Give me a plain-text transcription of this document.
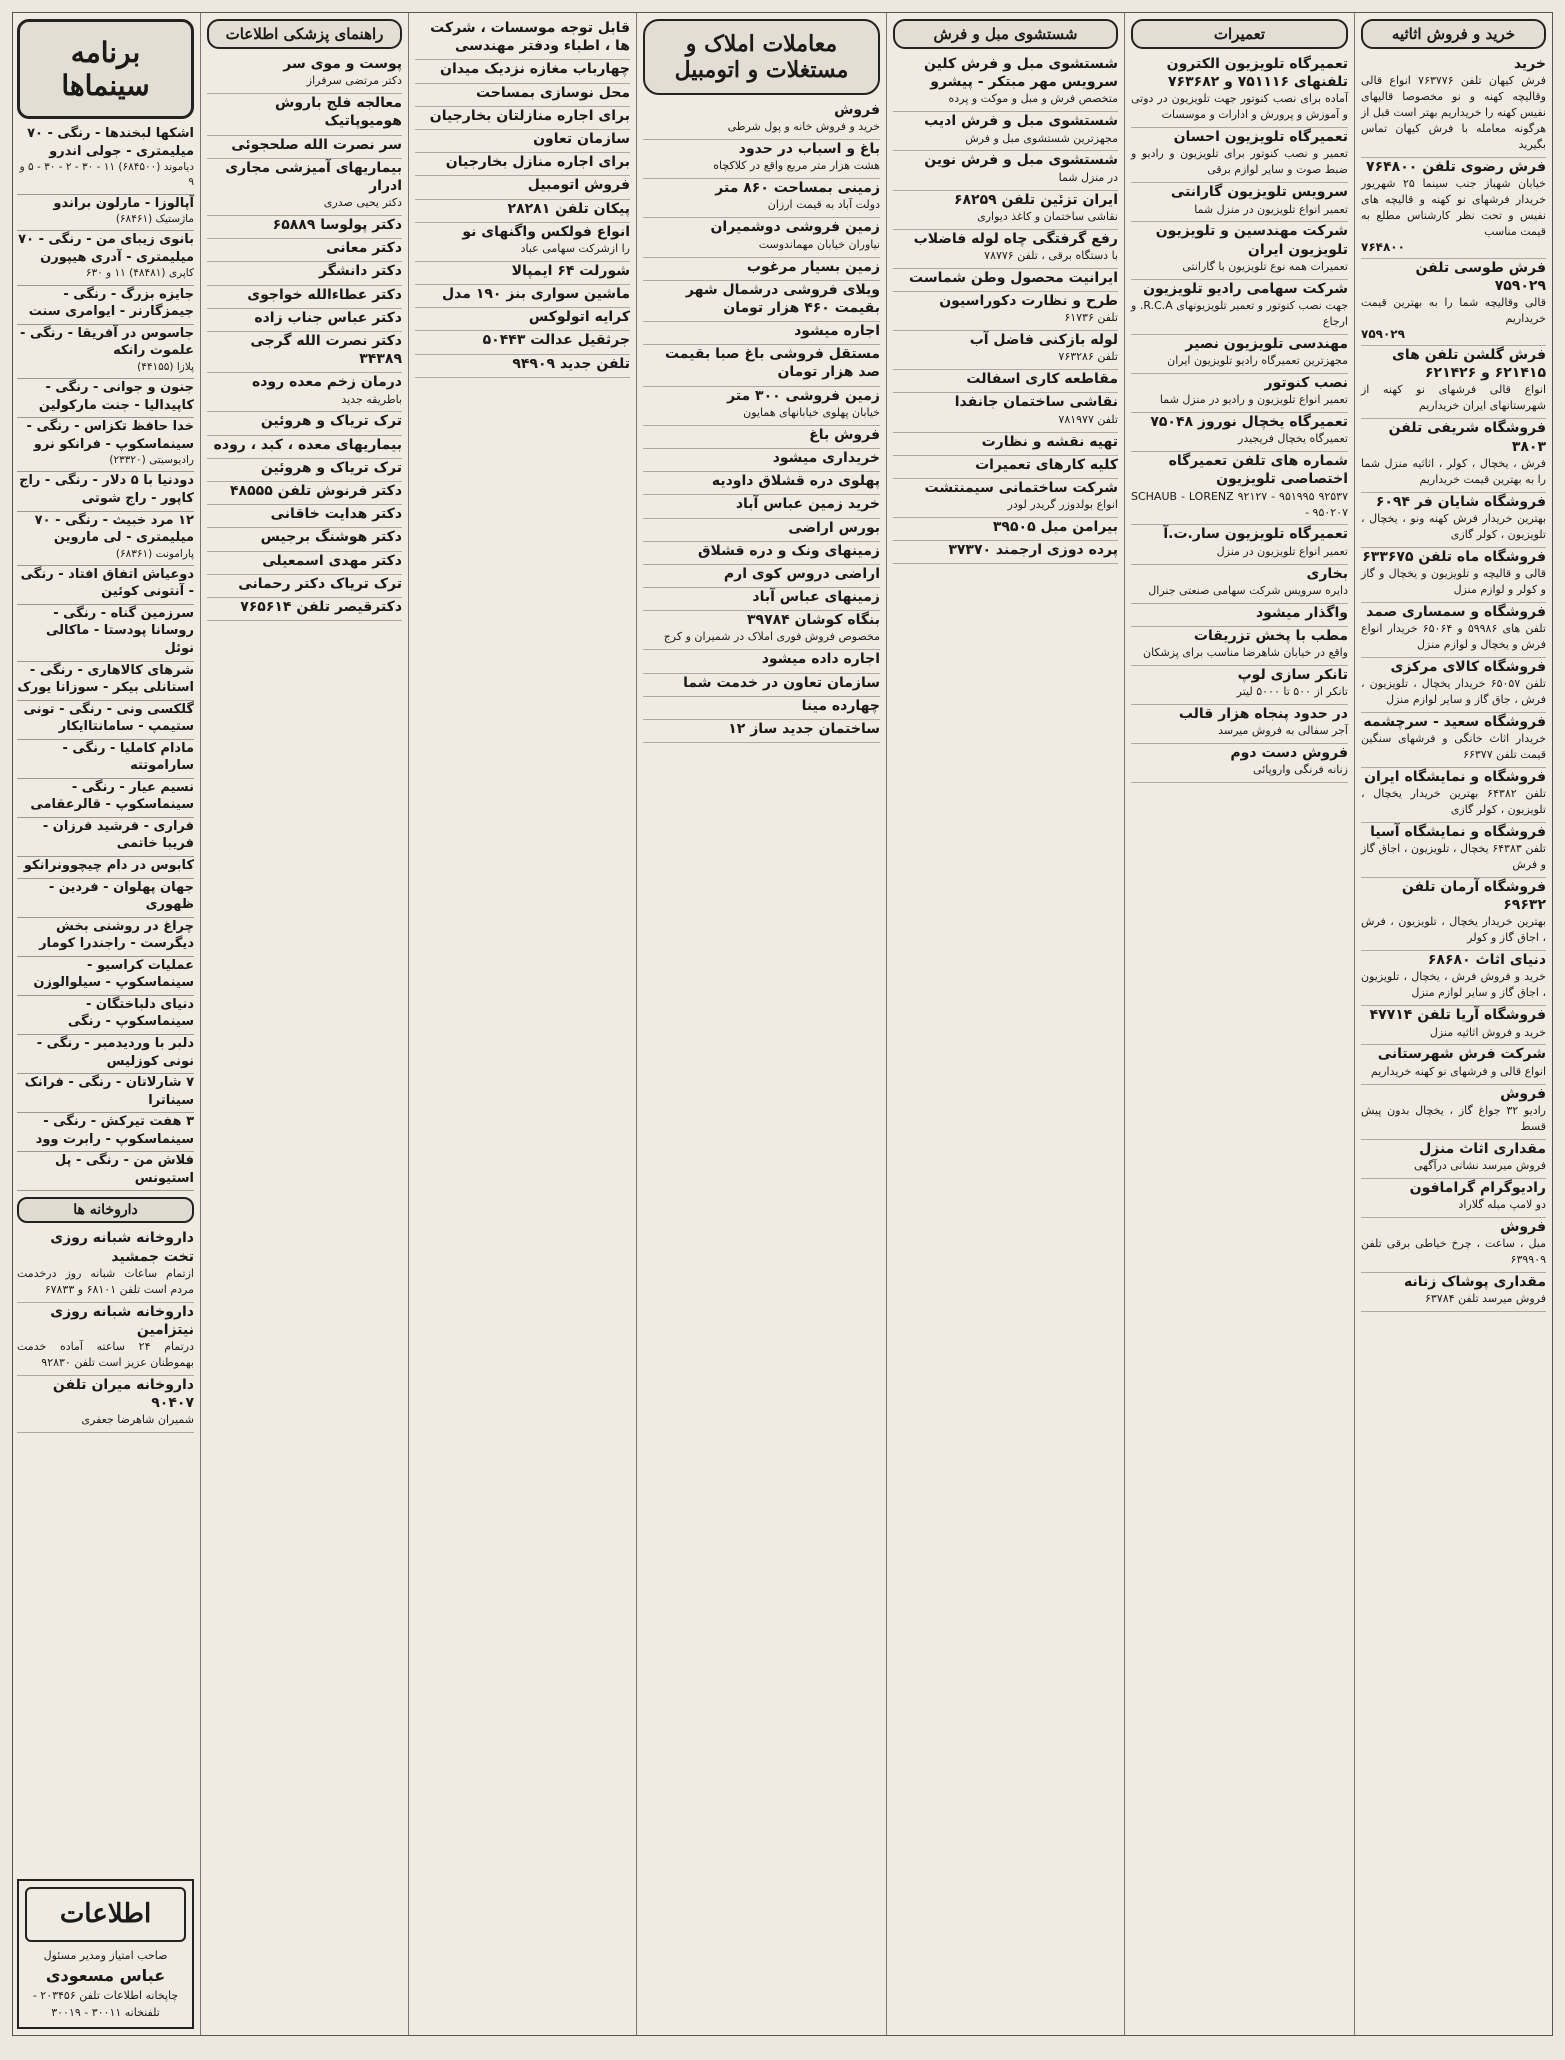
خرید و فروش اثاثیه
خرید
فرش کیهان تلفن ۷۶۳۷۷۶ انواع قالی وقالیچه کهنه و نو مخصوصا قالیهای نفیس کهنه را خریداریم بهتر است قبل از هرگونه معامله با فرش کیهان تماس بگیرید
فرش رضوی تلفن ۷۶۴۸۰۰
خیابان شهباز جنب سینما ۲۵ شهریور خریدار فرشهای نو کهنه و قالیچه های نفیس و تحت نظر کارشناس مطلع به قیمت مناسب
۷۶۴۸۰۰
فرش طوسی تلفن ۷۵۹۰۲۹
قالی وقالیچه شما را به بهترین قیمت خریداریم
۷۵۹۰۲۹
فرش گلشن تلفن های ۶۲۱۴۱۵ و ۶۲۱۴۲۶
انواع قالی فرشهای نو کهنه از شهرستانهای ایران خریداریم
فروشگاه شریفی تلفن ۳۸۰۳
فرش ، یخچال ، کولر ، اثاثیه منزل شما را به بهترین قیمت خریداریم
فروشگاه شایان فر ۶۰۹۴
بهترین خریدار فرش کهنه ونو ، یخچال ، تلویزیون ، کولر گازی
فروشگاه ماه تلفن ۶۳۳۶۷۵
قالی و قالیچه و تلویزیون و یخچال و گاز و کولر و لوازم منزل
فروشگاه و سمساری صمد
تلفن های ۵۹۹۸۶ و ۶۵۰۶۴ خریدار انواع فرش و یخچال و لوازم منزل
فروشگاه کالای مرکزی
تلفن ۶۵۰۵۷ خریدار یخچال ، تلویزیون ، فرش ، جاق گاز و سایر لوازم منزل
فروشگاه سعید - سرچشمه
خریدار اثاث خانگی و فرشهای سنگین قیمت تلفن ۶۶۳۷۷
فروشگاه و نمایشگاه ایران
تلفن ۶۴۳۸۲ بهترین خریدار یخچال ، تلویزیون ، کولر گازی
فروشگاه و نمایشگاه آسیا
تلفن ۶۴۳۸۳ یخچال ، تلویزیون ، اجاق گاز و فرش
فروشگاه آرمان تلفن ۶۹۶۳۲
بهترین خریدار یخچال ، تلویزیون ، فرش ، اجاق گاز و کولر
دنیای اثاث ۶۸۶۸۰
خرید و فروش فرش ، یخچال ، تلویزیون ، اجاق گاز و سایر لوازم منزل
فروشگاه آریا تلفن ۴۷۷۱۴
خرید و فروش اثاثیه منزل
شرکت فرش شهرستانی
انواع قالی و فرشهای نو کهنه خریداریم
فروش
رادیو ۳۲ جواغ گاز ، یخچال بدون پیش قسط
مقداری اثاث منزل
فروش میرسد نشانی درآگهی
رادیوگرام گرامافون
دو لامپ مبله گلاراد
فروش
مبل ، ساعت ، چرخ خیاطی برقی تلفن ۶۳۹۹۰۹
مقداری پوشاک زنانه
فروش میرسد تلفن ۶۳۷۸۴
تعمیرات
تعمیرگاه تلویزیون الکترون تلفنهای ۷۵۱۱۱۶ و ۷۶۳۶۸۲
آماده برای نصب کنوتور جهت تلویزیون در دوتی و آموزش و پرورش و ادارات و موسسات
تعمیرگاه تلویزیون احسان
تعمیر و نصب کنوتور برای تلویزیون و رادیو و ضبط صوت و سایر لوازم برقی
سرویس تلویزیون گارانتی
تعمیر انواع تلویزیون در منزل شما
شرکت مهندسین و تلویزیون تلویزیون ایران
تعمیرات همه نوع تلویزیون با گارانتی
شرکت سهامی رادیو تلویزیون
جهت نصب کنوتور و تعمیر تلویزیونهای R.C.A. و ارجاع
مهندسی تلویزیون نصیر
مجهزترین تعمیرگاه رادیو تلویزیون ایران
نصب کنوتور
تعمیر انواع تلویزیون و رادیو در منزل شما
تعمیرگاه یخچال نوروز ۷۵۰۴۸
تعمیرگاه یخچال فریجیدر
شماره های تلفن تعمیرگاه اختصاصی تلویزیون
SCHAUB - LORENZ ۹۲۱۲۷ - ۹۵۱۹۹۵ ۹۲۵۳۷ - ۹۵۰۲۰۷
تعمیرگاه تلویزیون سار.ت.آ
تعمیر انواع تلویزیون در منزل
بخاری
دایره سرویس شرکت سهامی صنعتی جنرال
واگذار میشود
مطب با پخش تزریقات
واقع در خیابان شاهرضا مناسب برای پزشکان
تانکر سازی لوپ
تانکر از ۵۰۰ تا ۵۰۰۰ لیتر
در حدود پنجاه هزار قالب
آجر سفالی به فروش میرسد
فروش دست دوم
زنانه فرنگی واروپائی
شستشوی مبل و فرش
شستشوی مبل و فرش کلین سرویس مهر مبتکر - پیشرو
متخصص فرش و مبل و موکت و پرده
شستشوی مبل و فرش ادیب
مجهزترین شستشوی مبل و فرش
شستشوی مبل و فرش نوین
در منزل شما
ایران تزئین تلفن ۶۸۲۵۹
نقاشی ساختمان و کاغذ دیواری
رفع گرفتگی چاه لوله فاضلاب
با دستگاه برقی ، تلفن ۷۸۷۷۶
ایرانیت محصول وطن شماست
طرح و نظارت دکوراسیون
تلفن ۶۱۷۳۶
لوله بازکنی فاضل آب
تلفن ۷۶۳۲۸۶
مقاطعه کاری اسفالت
نقاشی ساختمان جانفدا
تلفن ۷۸۱۹۷۷
تهیه نقشه و نظارت
کلیه کارهای تعمیرات
شرکت ساختمانی سیمنتشت
انواع بولدوزر گریدر لودر
بیرامن مبل ۳۹۵۰۵
پرده دوزی ارجمند ۳۷۳۷۰
معاملات املاک و مستغلات و اتومبیل
فروش
خرید و فروش خانه و پول شرطی
باغ و اسباب در حدود
هشت هزار متر مربع واقع در کلاکچاه
زمینی بمساحت ۸۶۰ متر
دولت آباد به قیمت ارزان
زمین فروشی دوشمیران
نیاوران خیابان مهماندوست
زمین بسیار مرغوب
ویلای فروشی درشمال شهر بقیمت ۴۶۰ هزار تومان
اجاره میشود
مستقل فروشی باغ صبا بقیمت صد هزار تومان
زمین فروشی ۳۰۰ متر
خیابان پهلوی خیابانهای همایون
فروش باغ
خریداری میشود
پهلوی دره قشلاق داودیه
خرید زمین عباس آباد
بورس اراضی
زمینهای ونک و دره قشلاق
اراضی دروس کوی ارم
زمینهای عباس آباد
بنگاه کوشان ۳۹۷۸۴
مخصوص فروش فوری املاک در شمیران و کرج
اجاره داده میشود
سازمان تعاون در خدمت شما
چهارده مینا
ساختمان جدید ساز ۱۲
قابل توجه موسسات ، شرکت ها ، اطباء ودفتر مهندسی
چهارباب مغازه نزدیک میدان
محل نوسازی بمساحت
برای اجاره منازلتان بخارجیان
سازمان تعاون
برای اجاره منازل بخارجیان
فروش اتومبیل
پیکان تلفن ۲۸۲۸۱
انواع فولکس واگنهای نو
را ازشرکت سهامی عباد
شورلت ۶۴ ایمپالا
ماشین سواری بنز ۱۹۰ مدل
کرایه اتولوکس
جرثقیل عدالت ۵۰۴۴۳
تلفن جدید ۹۴۹۰۹
راهنمای پزشکی اطلاعات
پوست و موی سر
دکتر مرتضی سرفراز
معالجه فلج باروش هومیوپاتیک
سر نصرت الله صلحجوئی
بیماریهای آمیزشی مجاری ادرار
دکتر یحیی صدری
دکتر پولوسا ۶۵۸۸۹
دکتر معانی
دکتر دانشگر
دکتر عطاءالله خواجوی
دکتر عباس جناب زاده
دکتر نصرت الله گرجی ۳۴۳۸۹
درمان زخم معده روده
باطریقه جدید
ترک تریاک و هروئین
بیماریهای معده ، کبد ، روده
ترک تریاک و هروئین
دکتر فرنوش تلفن ۴۸۵۵۵
دکتر هدایت خاقانی
دکتر هوشنگ برجیس
دکتر مهدی اسمعیلی
ترک تریاک دکتر رحمانی
دکترقیصر تلفن ۷۶۵۶۱۴
برنامه سینماها
اشکها لبخندها - رنگی - ۷۰ میلیمتری - جولی اندرو
دیاموند (۶۸۴۵۰۰) ۱۱ - ۳۰ - ۲ - ۳۰ - ۵ و ۹
آپالوزا - مارلون براندو
ماژستیک (۶۸۴۶۱)
بانوی زیبای من - رنگی - ۷۰ میلیمتری - آدری هیپورن
کاپری (۴۸۴۸۱) ۱۱ و ۶۳۰
جایزه بزرگ - رنگی - جیمزگارنر - ایوامری سنت
جاسوس در آفریقا - رنگی - علموت رانکه
پلازا (۴۴۱۵۵)
جنون و جوانی - رنگی - کاپیدالیا - جنت مارکولین
خدا حافظ تکزاس - رنگی - سینماسکوپ - فرانکو نرو
رادیوسیتی (۲۳۳۲۰)
دودنیا با ۵ دلار - رنگی - راج کاپور - راج شوتی
۱۲ مرد خبیث - رنگی - ۷۰ میلیمتری - لی ماروین
پارامونت (۶۸۳۶۱)
دوعیاش اتفاق افتاد - رنگی - آنتونی کوئین
سرزمین گناه - رنگی - روسانا پودستا - ماکالی نوئل
شرهای کالاهاری - رنگی - استانلی بیکر - سوزانا یورک
گلکسی ونی - رنگی - تونی ستیمپ - سامانتاایکار
مادام کاملیا - رنگی - ساراموتته
نسیم عیار - رنگی - سینماسکوپ - قالرعقامی
فراری - فرشید فرزان - فریبا خاتمی
کابوس در دام چیچوونرانکو
جهان پهلوان - فردین - ظهوری
چراغ در روشنی بخش دیگرست - راجندرا کومار
عملیات کراسیو - سینماسکوپ - سیلوالوزن
دنیای دلباختگان - سینماسکوپ - رنگی
دلبر با وردیدمبر - رنگی - نونی کوزلیس
۷ شارلاتان - رنگی - فرانک سیناترا
۳ هفت تیرکش - رنگی - سینماسکوپ - رابرت وود
فلاش من - رنگی - پل استیونس
داروخانه ها
داروخانه شبانه روزی تخت جمشید
ازتمام ساعات شبانه روز درخدمت مردم است تلفن ۶۸۱۰۱ و ۶۷۸۳۳
داروخانه شبانه روزی نیتزامین
درتمام ۲۴ ساعته آماده خدمت بهموطنان عزیز است تلفن ۹۲۸۳۰
داروخانه میران تلفن ۹۰۴۰۷
شمیران شاهرضا جعفری
اطلاعات
صاحب امتیاز ومدیر مسئول
عباس مسعودی
چاپخانه اطلاعات تلفن ۲۰۳۴۵۶ - تلفنخانه ۳۰۰۱۱ - ۳۰۰۱۹
